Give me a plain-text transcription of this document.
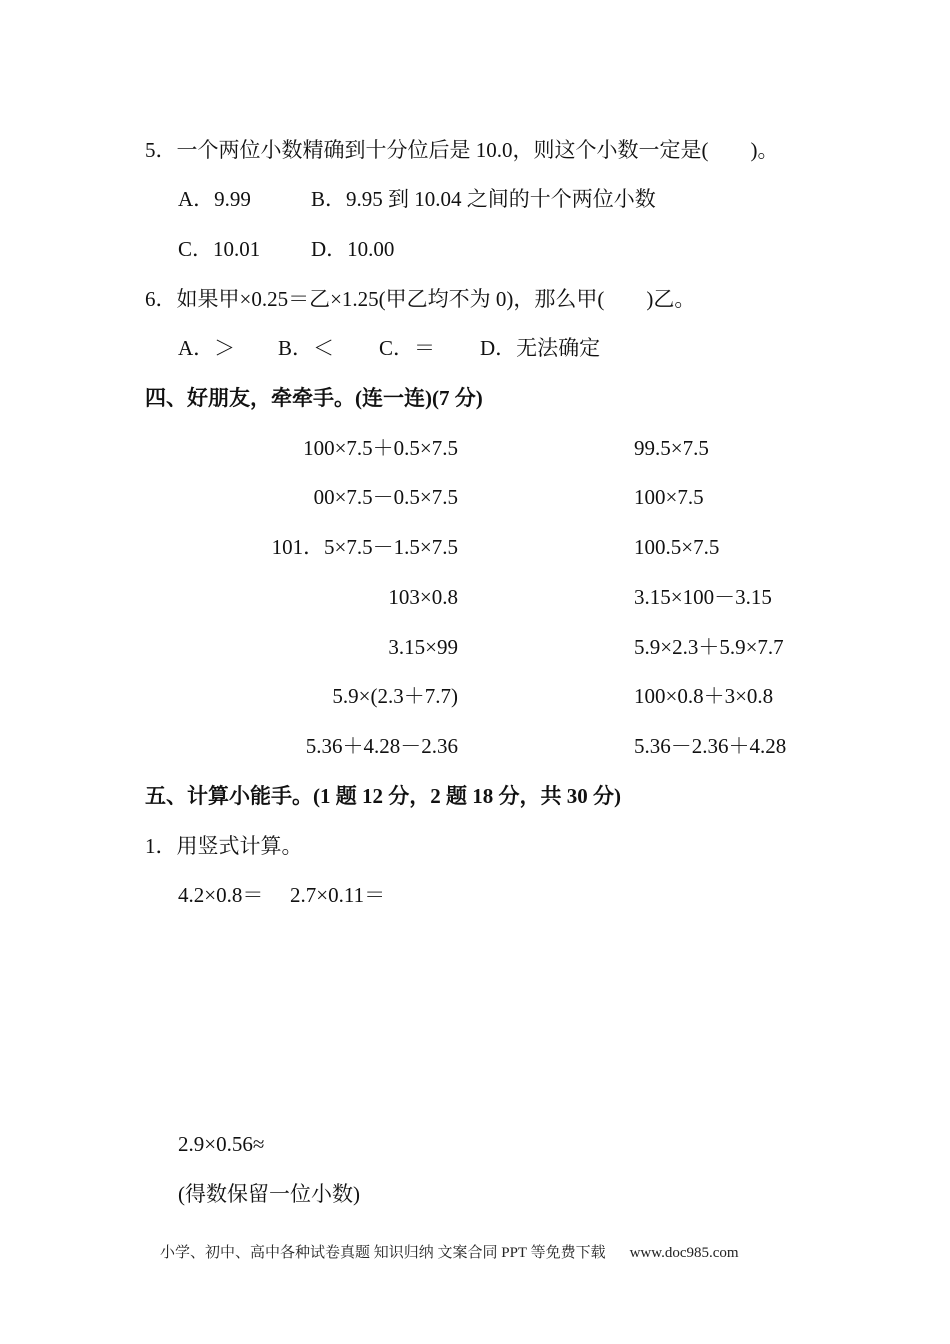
5．一个两位小数精确到十分位后是 10.0，则这个小数一定是(　　)。
A．9.99	B．9.95 到 10.04 之间的十个两位小数
C．10.01 D．10.00
6．如果甲×0.25＝乙×1.25(甲乙均不为 0)，那么甲(　　)乙。
A．＞ B．＜ C．＝ D．无法确定
四、好朋友，牵牵手。(连一连)(7 分)
100×7.5＋0.5×7.5
00×7.5－0.5×7.5
101．5×7.5－1.5×7.5
103×0.8
3.15×99
5.9×(2.3＋7.7)
5.36＋4.28－2.36
99.5×7.5
100×7.5
100.5×7.5
3.15×100－3.15
5.9×2.3＋5.9×7.7
100×0.8＋3×0.8
5.36－2.36＋4.28
五、计算小能手。(1 题 12 分，2 题 18 分，共 30 分)
1．用竖式计算。
4.2×0.8＝ 2.7×0.11＝
2.9×0.56≈
(得数保留一位小数)
小学、初中、高中各种试卷真题 知识归纳 文案合同 PPT 等免费下载 www.doc985.com
